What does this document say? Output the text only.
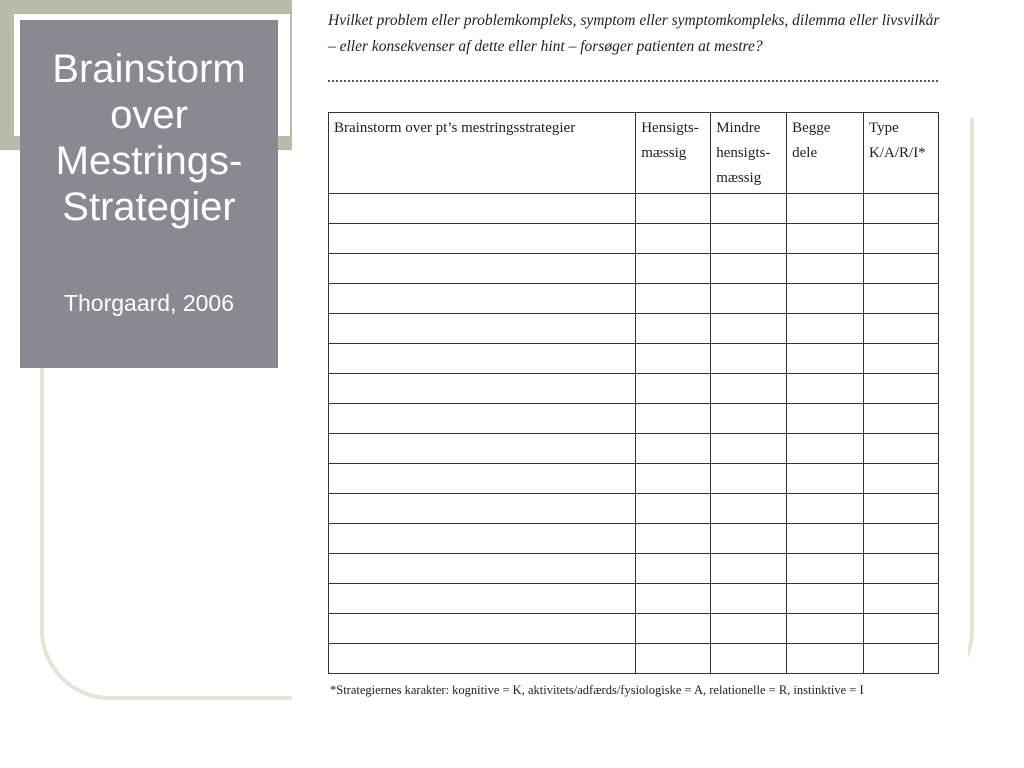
Brainstorm
over
Mestrings-
Strategier
Thorgaard, 2006
Hvilket problem eller problemkompleks, symptom eller symptomkompleks, dilemma eller livsvilkår – eller konsekvenser af dette eller hint – forsøger patienten at mestre?
Brainstorm over pt’s mestringsstrategier	Hensigts- mæssig	Mindre hensigts- mæssig	Begge dele	Type K/A/R/I*

*Strategiernes karakter: kognitive = K, aktivitets/adfærds/fysiologiske = A, relationelle = R, instinktive = I
